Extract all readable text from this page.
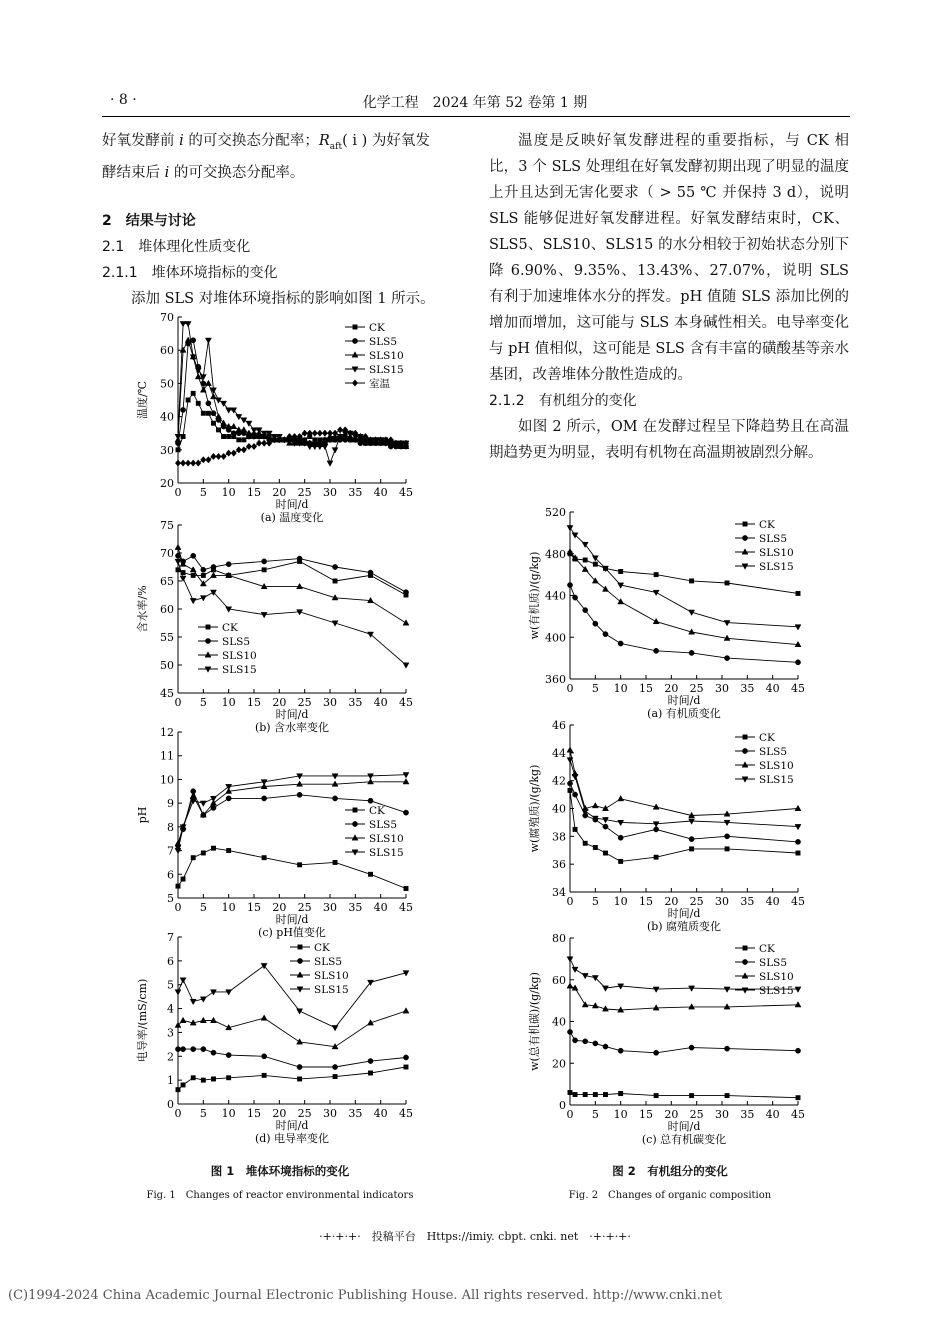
· 8 ·	化学工程　2024 年第 52 卷第 1 期

好氧发酵前 i 的可交换态分配率；$R_{aft}$( i ) 为好氧发
酵结束后 i 的可交换态分配率。

2　结果与讨论

2.1　堆体理化性质变化

2.1.1　堆体环境指标的变化

添加 SLS 对堆体环境指标的影响如图 1 所示。

温度是反映好氧发酵进程的重要指标，与 CK 相比，3 个 SLS 处理组在好氧发酵初期出现了明显的温度上升且达到无害化要求（ > 55 ℃ 并保持 3 d），说明 SLS 能够促进好氧发酵进程。好氧发酵结束时，CK、SLS5、SLS10、SLS15 的水分相较于初始状态分别下降 6.90%、9.35%、13.43%、27.07%，说明 SLS 有利于加速堆体水分的挥发。pH 值随 SLS 添加比例的增加而增加，这可能与 SLS 本身碱性相关。电导率变化与 pH 值相似，这可能是 SLS 含有丰富的磺酸基等亲水基团，改善堆体分散性造成的。

2.1.2　有机组分的变化

如图 2 所示，OM 在发酵过程呈下降趋势且在高温期趋势更为明显，表明有机物在高温期被剧烈分解。

20
30
40
50
60
70
0 5 10 15 20 25 30 35 40 45
时间/d
温度/℃
(a) 温度变化
CK
SLS5
SLS10
SLS15
室温
45
50
55
60
65
70
75
0 5 10 15 20 25 30 35 40 45
时间/d
含水率/%
(b) 含水率变化
CK
SLS5
SLS10
SLS15
5
6
7
8
9
10
11
12
0 5 10 15 20 25 30 35 40 45
时间/d
pH
(c) pH值变化
CK
SLS5
SLS10
SLS15
0
1
2
3
4
5
6
7
0 5 10 15 20 25 30 35 40 45
时间/d
电导率/(mS/cm)
(d) 电导率变化
CK
SLS5
SLS10
SLS15
360
400
440
480
520
0 5 10 15 20 25 30 35 40 45
时间/d
w(有机质)/(g/kg)
(a) 有机质变化
CK
SLS5
SLS10
SLS15
34
36
38
40
42
44
46
0 5 10 15 20 25 30 35 40 45
时间/d
w(腐殖质)/(g/kg)
(b) 腐殖质变化
CK
SLS5
SLS10
SLS15
0
20
40
60
80
0 5 10 15 20 25 30 35 40 45
时间/d
w(总有机碳)/(g/kg)
(c) 总有机碳变化
CK
SLS5
SLS10
SLS15
图 1　堆体环境指标的变化
Fig. 1　Changes of reactor environmental indicators
图 2　有机组分的变化
Fig. 2　Changes of organic composition
·+·+·+·　投稿平台　Https://imiy. cbpt. cnki. net　·+·+·+·
(C)1994-2024 China Academic Journal Electronic Publishing House. All rights reserved. http://www.cnki.net
